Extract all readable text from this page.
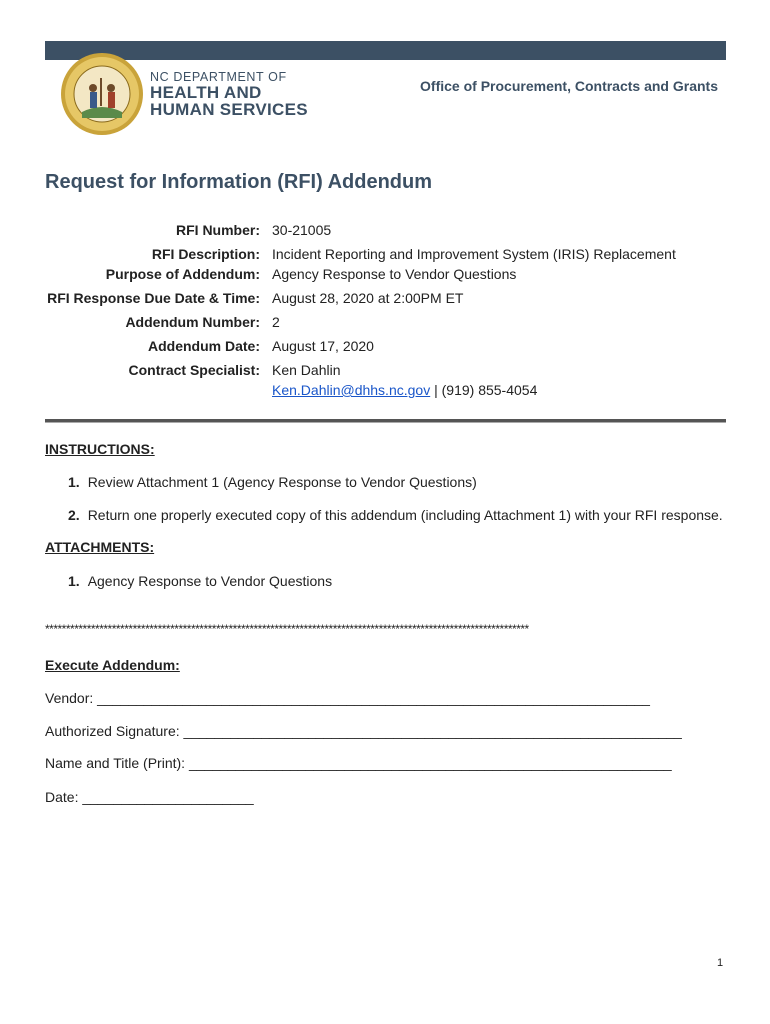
NC DEPARTMENT OF
HEALTH AND
HUMAN SERVICES
Office of Procurement, Contracts and Grants
Request for Information (RFI) Addendum
RFI Number: 30-21005
RFI Description: Incident Reporting and Improvement System (IRIS) Replacement
Purpose of Addendum: Agency Response to Vendor Questions
RFI Response Due Date & Time: August 28, 2020 at 2:00PM ET
Addendum Number: 2
Addendum Date: August 17, 2020
Contract Specialist: Ken Dahlin
Ken.Dahlin@dhhs.nc.gov | (919) 855-4054
INSTRUCTIONS:
1. Review Attachment 1 (Agency Response to Vendor Questions)
2. Return one properly executed copy of this addendum (including Attachment 1) with your RFI response.
ATTACHMENTS:
1. Agency Response to Vendor Questions
********************************************************************************************************************
Execute Addendum:
Vendor: _______________________________________________________________________
Authorized Signature: ________________________________________________________________
Name and Title (Print): ______________________________________________________________
Date: ______________________
1
